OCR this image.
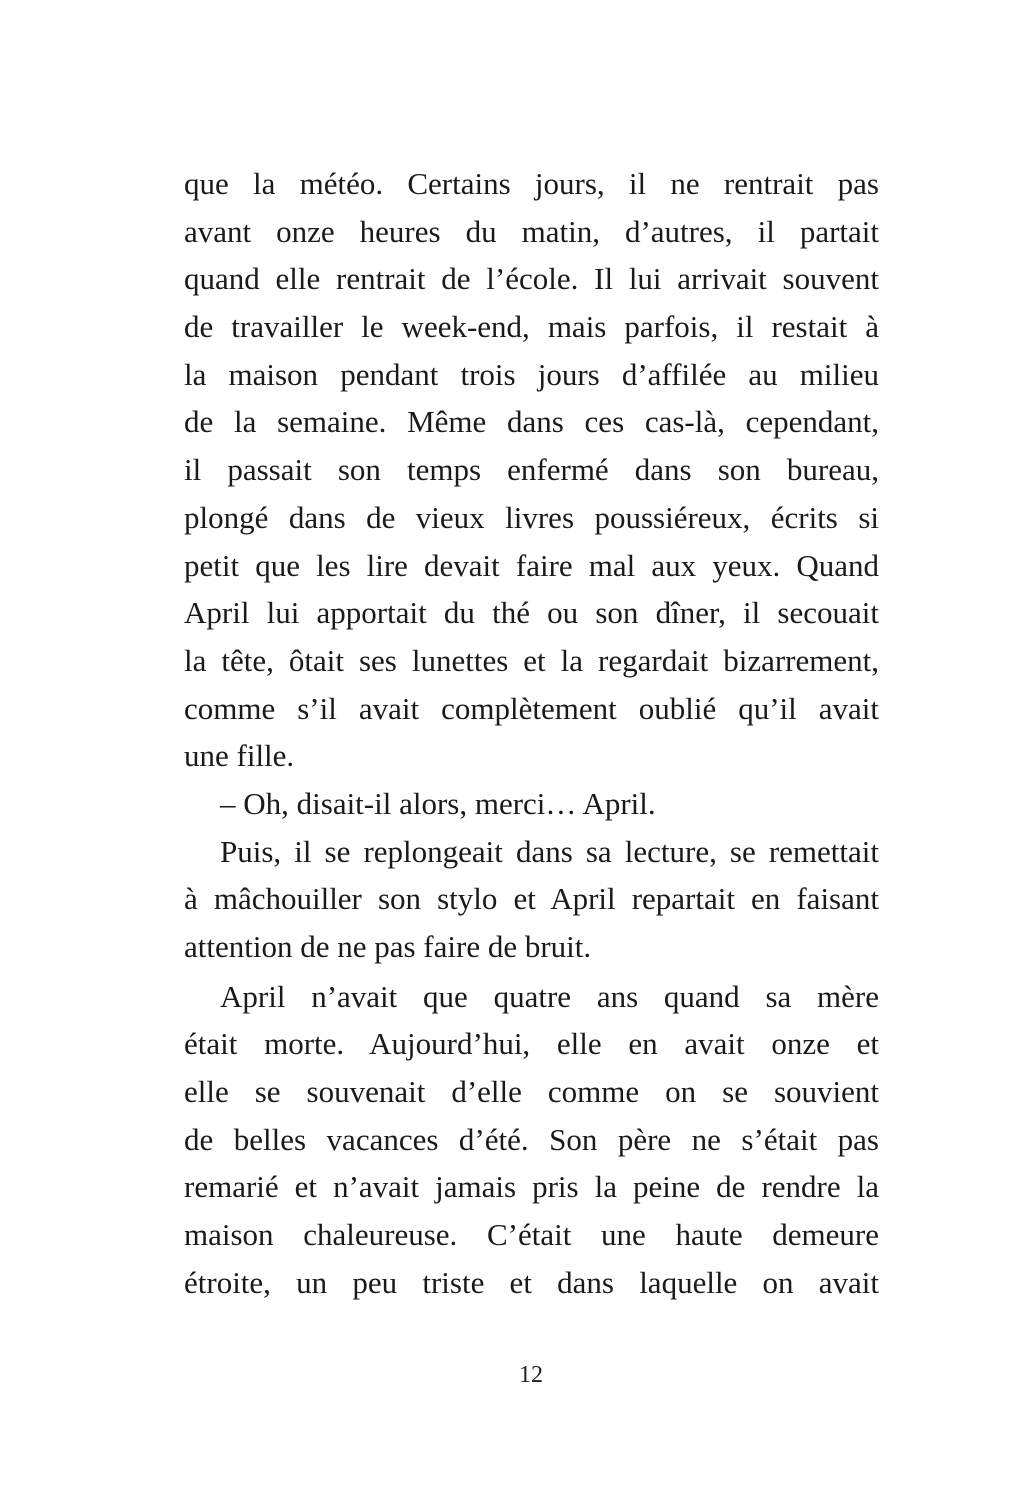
que la météo. Certains jours, il ne rentrait pas
avant onze heures du matin, d’autres, il partait
quand elle rentrait de l’école. Il lui arrivait souvent
de travailler le week-end, mais parfois, il restait à
la maison pendant trois jours d’affilée au milieu
de la semaine. Même dans ces cas-là, cependant,
il passait son temps enfermé dans son bureau,
plongé dans de vieux livres poussiéreux, écrits si
petit que les lire devait faire mal aux yeux. Quand
April lui apportait du thé ou son dîner, il secouait
la tête, ôtait ses lunettes et la regardait bizarrement,
comme s’il avait complètement oublié qu’il avait
une fille.
– Oh, disait-il alors, merci… April.
Puis, il se replongeait dans sa lecture, se remettait
à mâchouiller son stylo et April repartait en faisant
attention de ne pas faire de bruit.
April n’avait que quatre ans quand sa mère
était morte. Aujourd’hui, elle en avait onze et
elle se souvenait d’elle comme on se souvient
de belles vacances d’été. Son père ne s’était pas
remarié et n’avait jamais pris la peine de rendre la
maison chaleureuse. C’était une haute demeure
étroite, un peu triste et dans laquelle on avait
12
